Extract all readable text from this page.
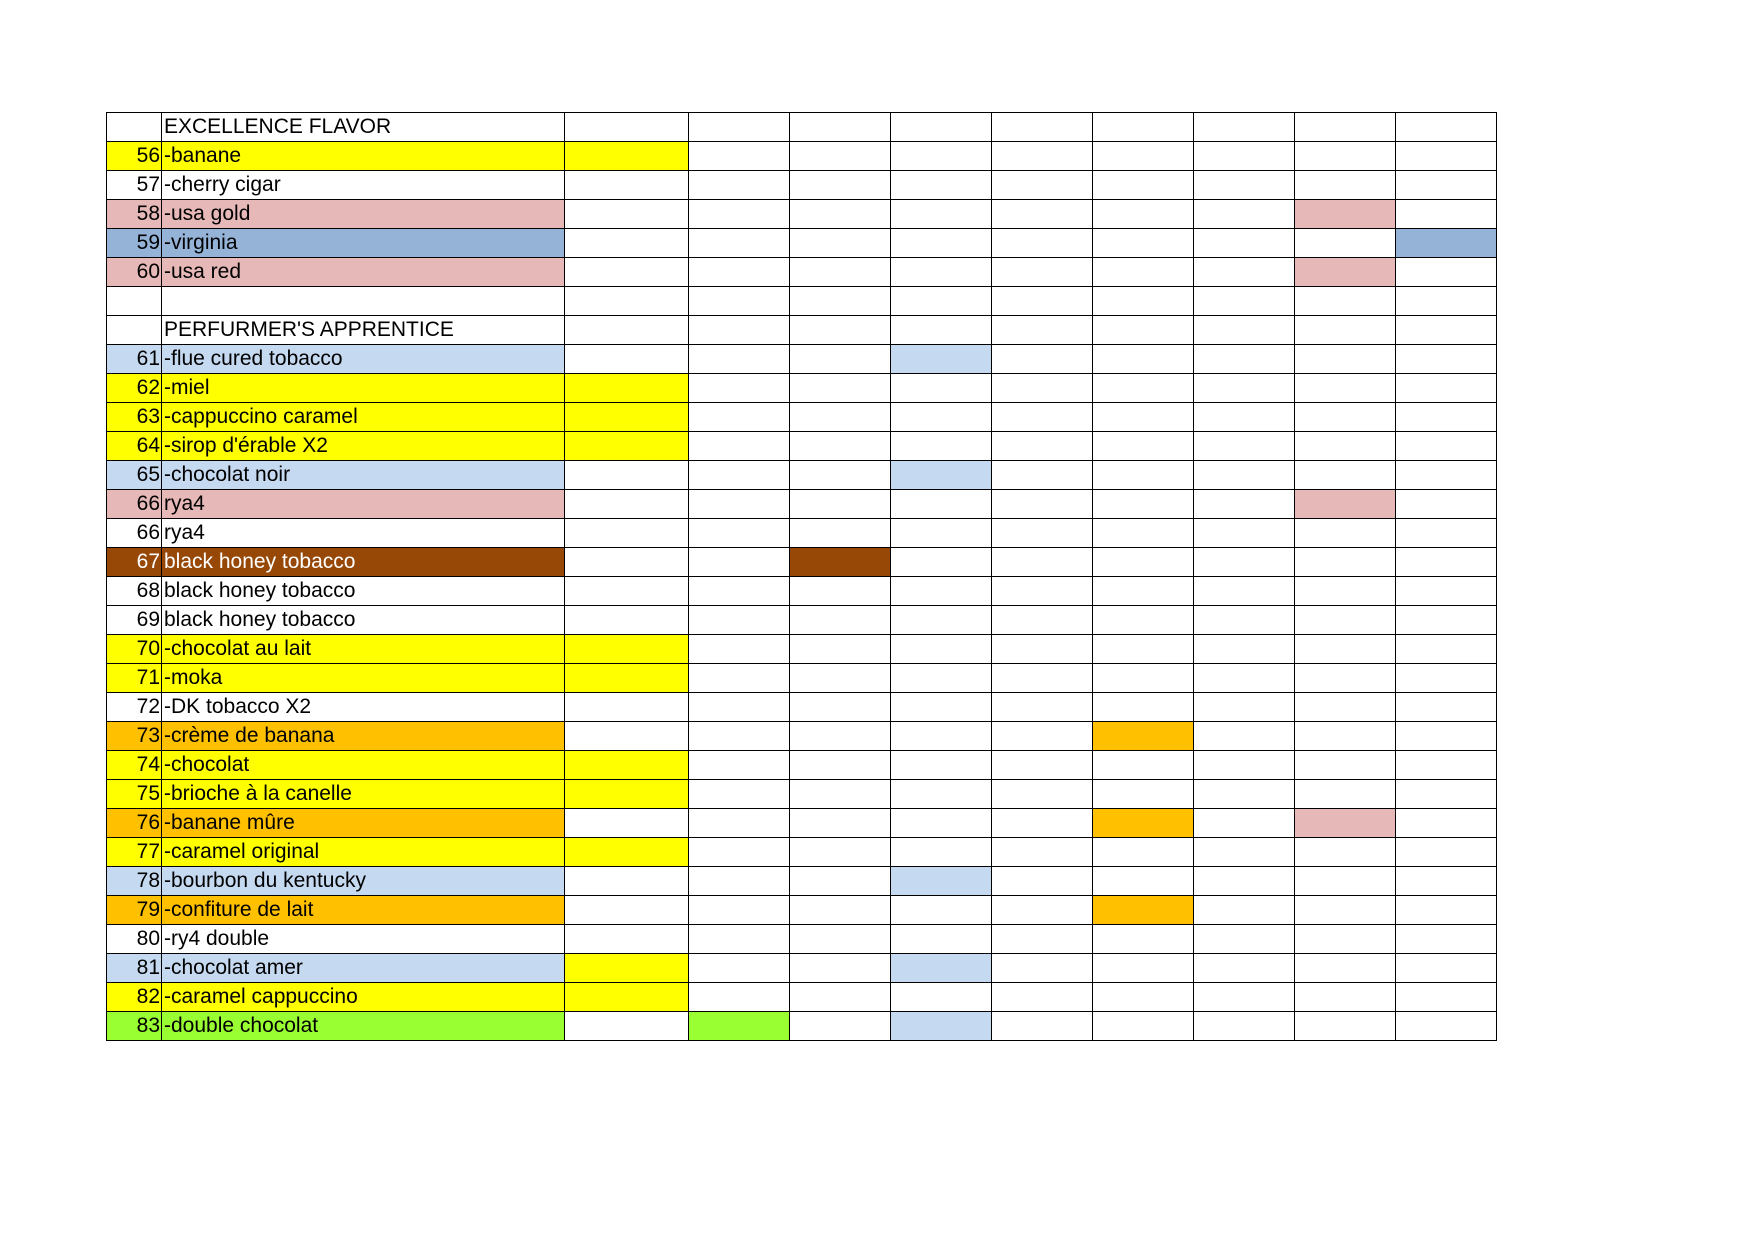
	EXCELLENCE FLAVOR									
56	-banane									
57	-cherry cigar									
58	-usa gold									
59	-virginia									
60	-usa red									

	PERFURMER'S APPRENTICE									
61	-flue cured tobacco									
62	-miel									
63	-cappuccino caramel									
64	-sirop d'érable X2									
65	-chocolat noir									
66	rya4									
66	rya4									
67	black honey tobacco									
68	black honey tobacco									
69	black honey tobacco									
70	-chocolat au lait									
71	-moka									
72	-DK tobacco X2									
73	-crème de banana									
74	-chocolat									
75	-brioche à la canelle									
76	-banane mûre									
77	-caramel original									
78	-bourbon du kentucky									
79	-confiture de lait									
80	-ry4 double									
81	-chocolat amer									
82	-caramel cappuccino									
83	-double chocolat									
